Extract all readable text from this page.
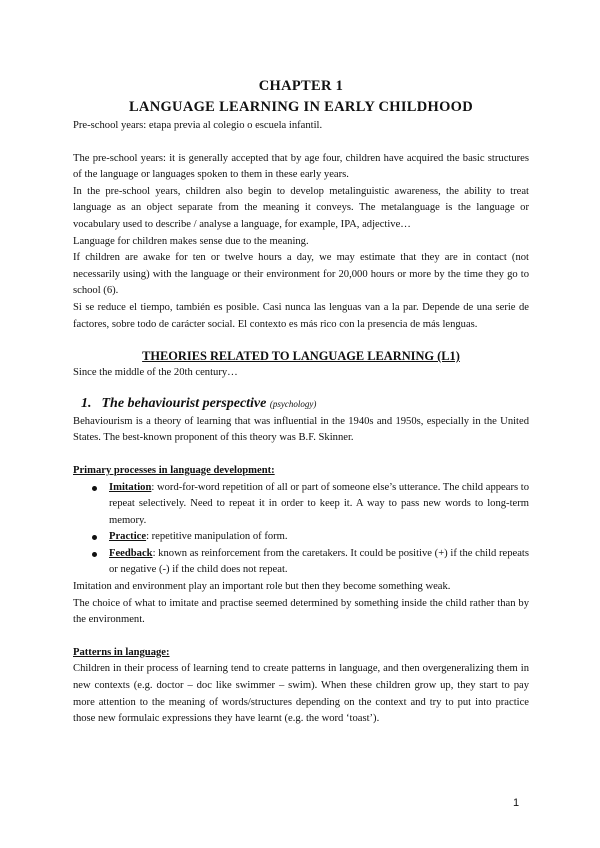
CHAPTER 1
LANGUAGE LEARNING IN EARLY CHILDHOOD

Pre-school years: etapa previa al colegio o escuela infantil.

The pre-school years: it is generally accepted that by age four, children have acquired the basic structures of the language or languages spoken to them in these early years.

In the pre-school years, children also begin to develop metalinguistic awareness, the ability to treat language as an object separate from the meaning it conveys. The metalanguage is the language or vocabulary used to describe / analyse a language, for example, IPA, adjective…

Language for children makes sense due to the meaning.

If children are awake for ten or twelve hours a day, we may estimate that they are in contact (not necessarily using) with the language or their environment for 20,000 hours or more by the time they go to school (6).

Si se reduce el tiempo, también es posible. Casi nunca las lenguas van a la par. Depende de una serie de factores, sobre todo de carácter social. El contexto es más rico con la presencia de más lenguas.

THEORIES RELATED TO LANGUAGE LEARNING (L1)

Since the middle of the 20th century…

1. The behaviourist perspective (psychology)

Behaviourism is a theory of learning that was influential in the 1940s and 1950s, especially in the United States. The best-known proponent of this theory was B.F. Skinner.

Primary processes in language development:
Imitation: word-for-word repetition of all or part of someone else’s utterance. The child appears to repeat selectively. Need to repeat it in order to keep it. A way to pass new words to long-term memory.
Practice: repetitive manipulation of form.
Feedback: known as reinforcement from the caretakers. It could be positive (+) if the child repeats or negative (-) if the child does not repeat.

Imitation and environment play an important role but then they become something weak.

The choice of what to imitate and practise seemed determined by something inside the child rather than by the environment.

Patterns in language:

Children in their process of learning tend to create patterns in language, and then overgeneralizing them in new contexts (e.g. doctor – doc like swimmer – swim). When these children grow up, they start to pay more attention to the meaning of words/structures depending on the context and try to put into practice those new formulaic expressions they have learnt (e.g. the word ‘toast’).

1
